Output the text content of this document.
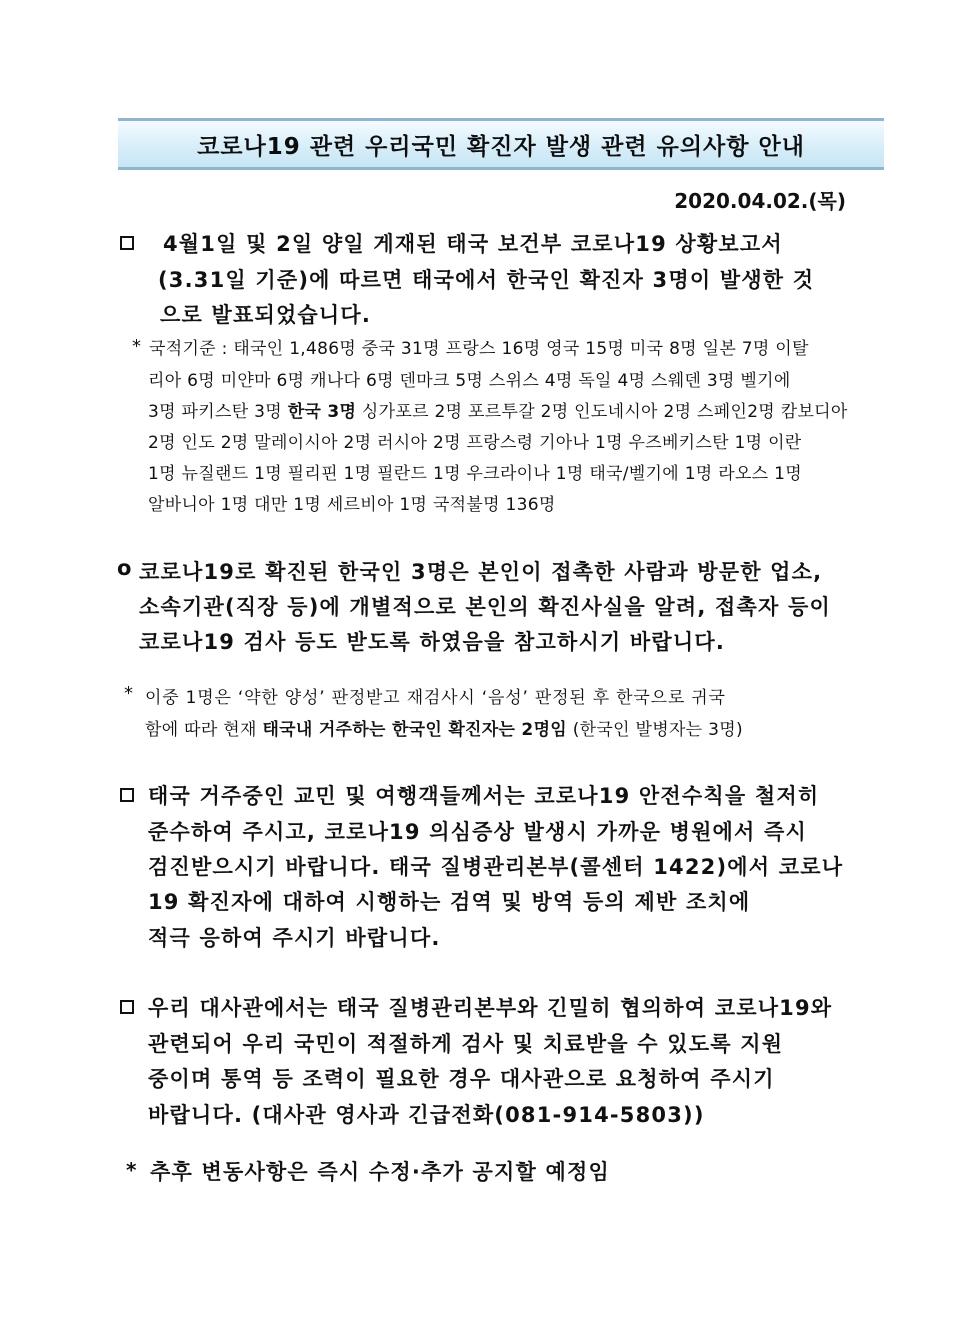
코로나19 관련 우리국민 확진자 발생 관련 유의사항 안내
2020.04.02.(목)
4월1일 및 2일 양일 게재된 태국 보건부 코로나19 상황보고서
(3.31일 기준)에 따르면 태국에서 한국인 확진자 3명이 발생한 것
으로 발표되었습니다.
* 국적기준 : 태국인 1,486명 중국 31명 프랑스 16명 영국 15명 미국 8명 일본 7명 이탈
리아 6명 미얀마 6명 캐나다 6명 덴마크 5명 스위스 4명 독일 4명 스웨덴 3명 벨기에
3명 파키스탄 3명 한국 3명 싱가포르 2명 포르투갈 2명 인도네시아 2명 스페인2명 캄보디아
2명 인도 2명 말레이시아 2명 러시아 2명 프랑스령 기아나 1명 우즈베키스탄 1명 이란
1명 뉴질랜드 1명 필리핀 1명 필란드 1명 우크라이나 1명 태국/벨기에 1명 라오스 1명
알바니아 1명 대만 1명 세르비아 1명 국적불명 136명
o 코로나19로 확진된 한국인 3명은 본인이 접촉한 사람과 방문한 업소,
소속기관(직장 등)에 개별적으로 본인의 확진사실을 알려, 접촉자 등이
코로나19 검사 등도 받도록 하였음을 참고하시기 바랍니다.
* 이중 1명은 ‘약한 양성’ 판정받고 재검사시 ‘음성’ 판정된 후 한국으로 귀국
함에 따라 현재 태국내 거주하는 한국인 확진자는 2명임 (한국인 발병자는 3명)
태국 거주중인 교민 및 여행객들께서는 코로나19 안전수칙을 철저히
준수하여 주시고, 코로나19 의심증상 발생시 가까운 병원에서 즉시
검진받으시기 바랍니다. 태국 질병관리본부(콜센터 1422)에서 코로나
19 확진자에 대하여 시행하는 검역 및 방역 등의 제반 조치에
적극 응하여 주시기 바랍니다.
우리 대사관에서는 태국 질병관리본부와 긴밀히 협의하여 코로나19와
관련되어 우리 국민이 적절하게 검사 및 치료받을 수 있도록 지원
중이며 통역 등 조력이 필요한 경우 대사관으로 요청하여 주시기
바랍니다. (대사관 영사과 긴급전화(081-914-5803))
* 추후 변동사항은 즉시 수정·추가 공지할 예정임
